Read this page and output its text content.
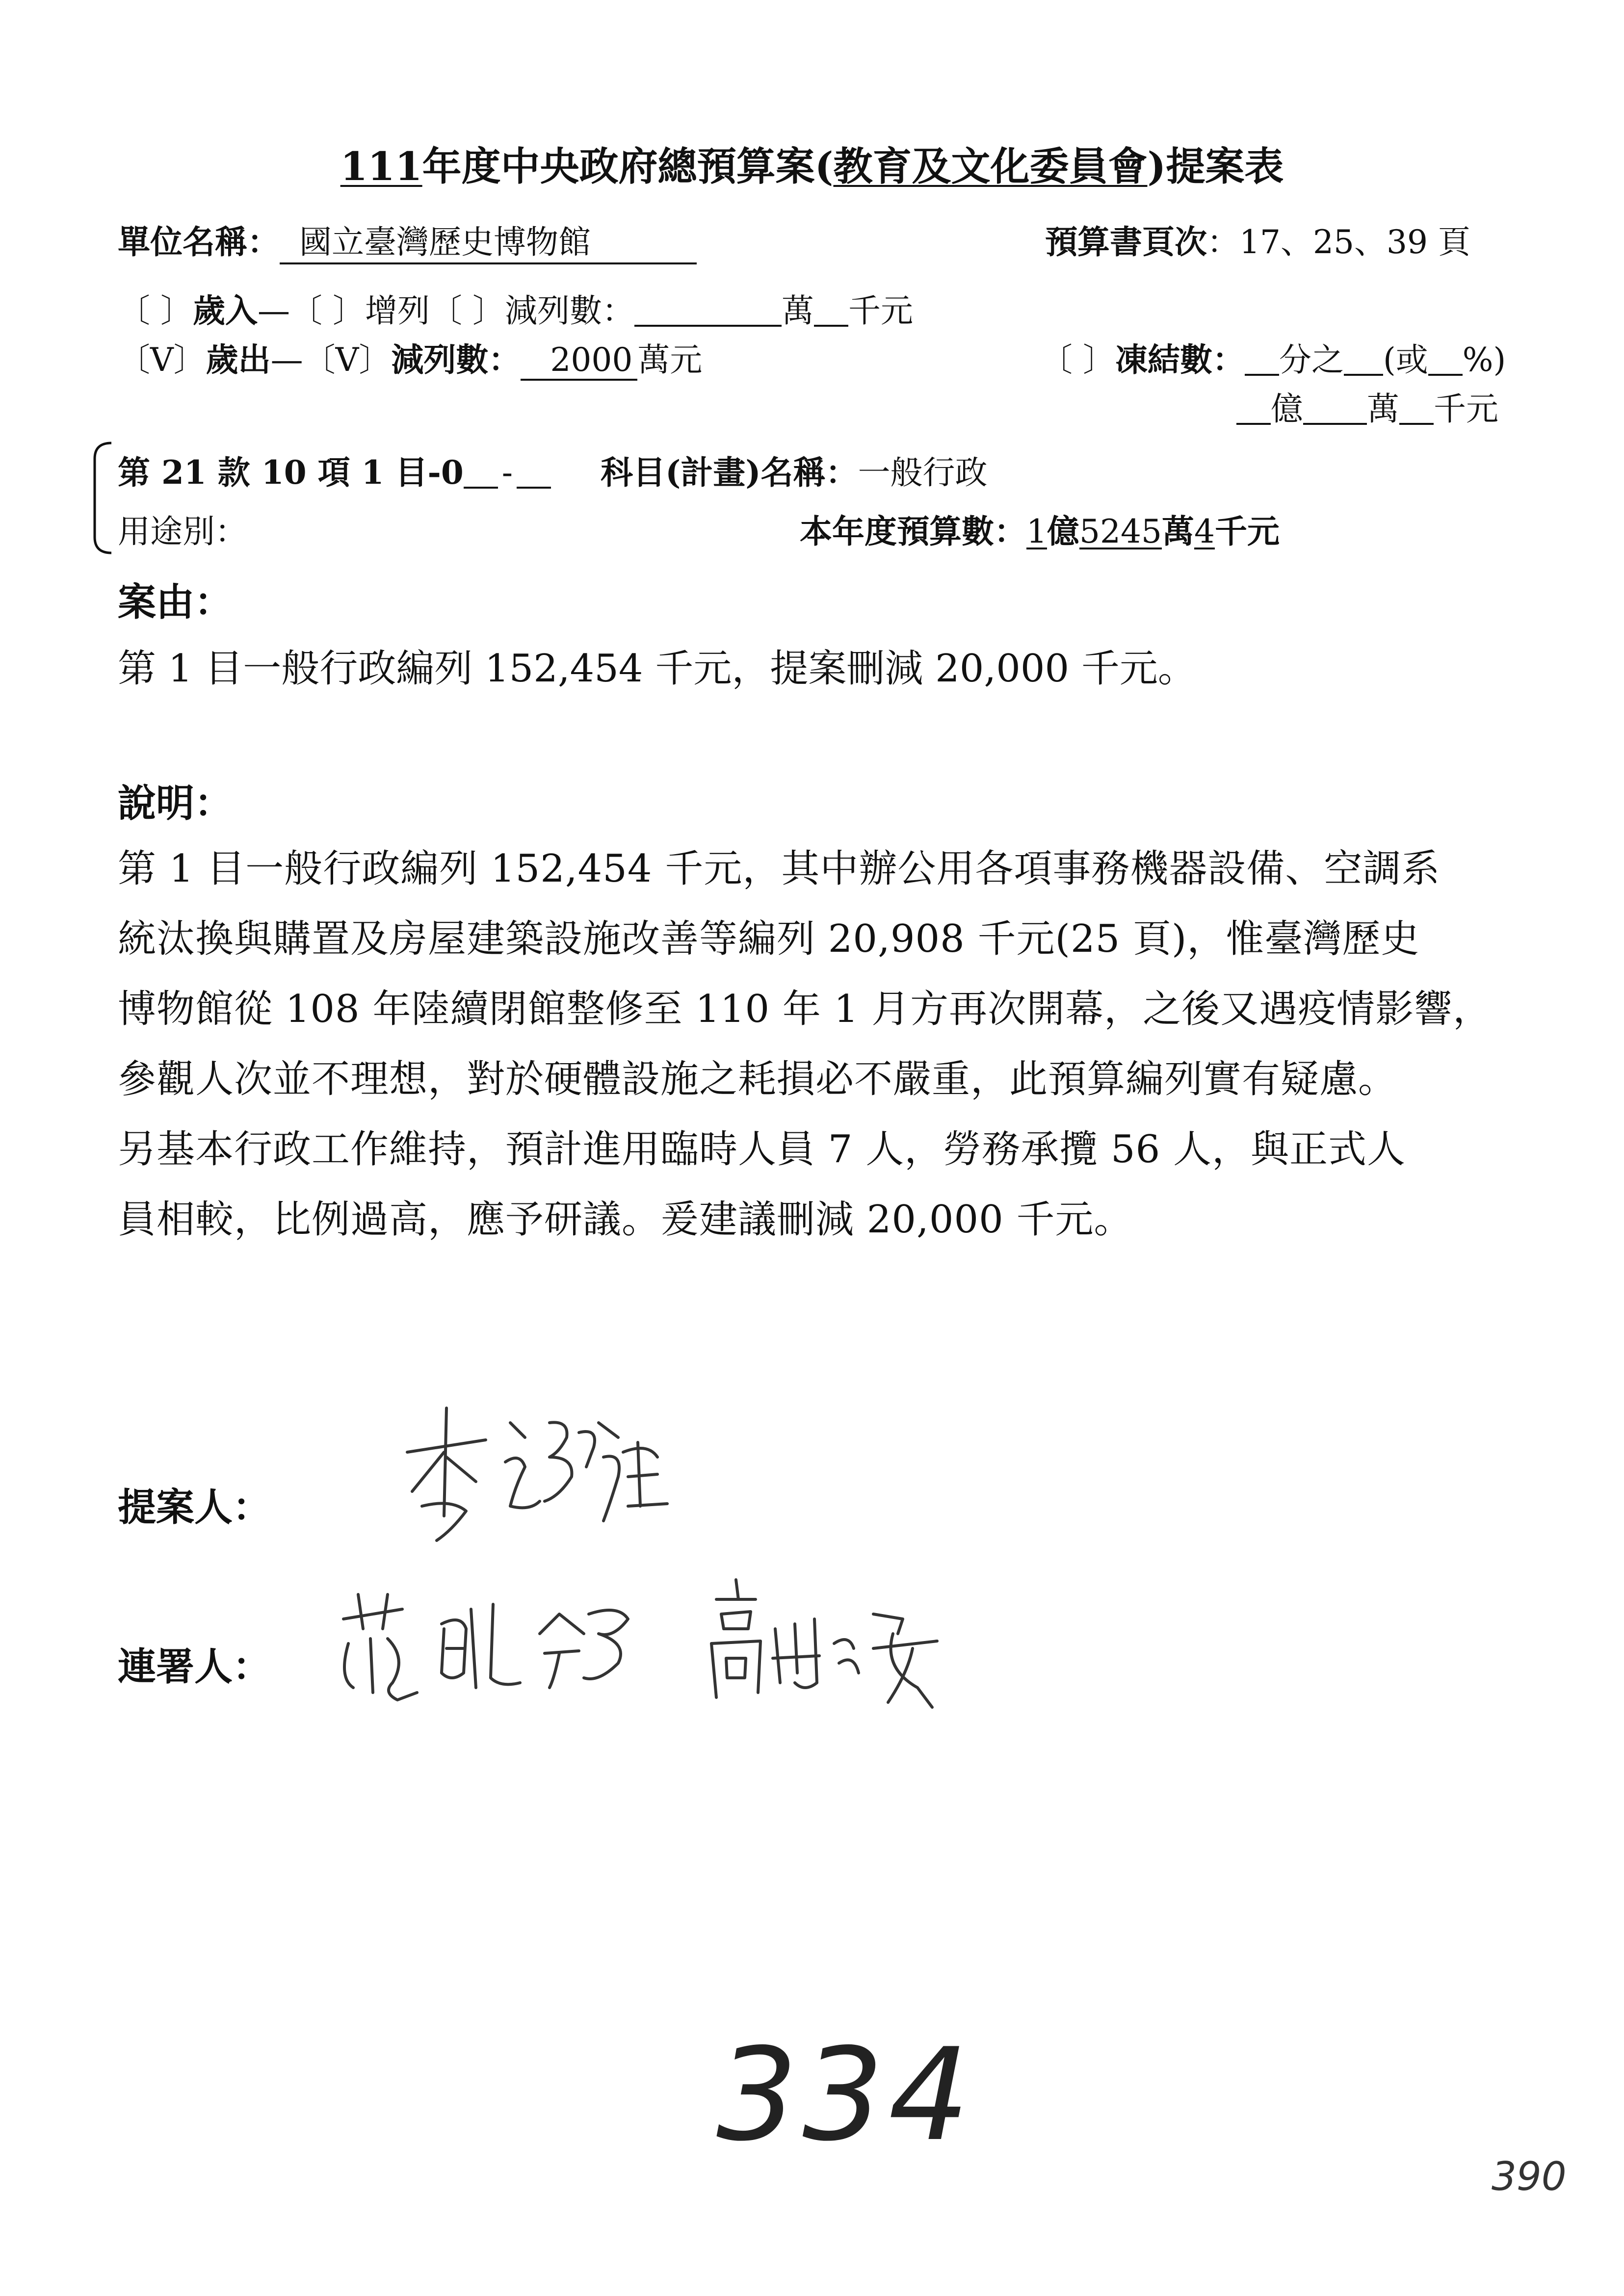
111年度中央政府總預算案(教育及文化委員會)提案表
單位名稱： 國立臺灣歷史博物館	預算書頁次：17、25、39 頁
〔 〕歲入—〔 〕增列〔 〕減列數：	萬 千元
〔V〕歲出—〔V〕減列數： 2000 萬元	〔 〕凍結數： 分之 (或 %)
億 萬 千元
第 21 款 10 項 1 目-0 -	科目(計畫)名稱：一般行政
用途別：	本年度預算數：1億5245萬4千元
案由：
第 1 目一般行政編列 152,454 千元，提案刪減 20,000 千元。
說明：
第 1 目一般行政編列 152,454 千元，其中辦公用各項事務機器設備、空調系
統汰換與購置及房屋建築設施改善等編列 20,908 千元(25 頁)，惟臺灣歷史
博物館從 108 年陸續閉館整修至 110 年 1 月方再次開幕，之後又遇疫情影響，
參觀人次並不理想，對於硬體設施之耗損必不嚴重，此預算編列實有疑慮。
另基本行政工作維持，預計進用臨時人員 7 人，勞務承攬 56 人，與正式人
員相較，比例過高，應予研議。爰建議刪減 20,000 千元。
提案人：
連署人：
334
390
